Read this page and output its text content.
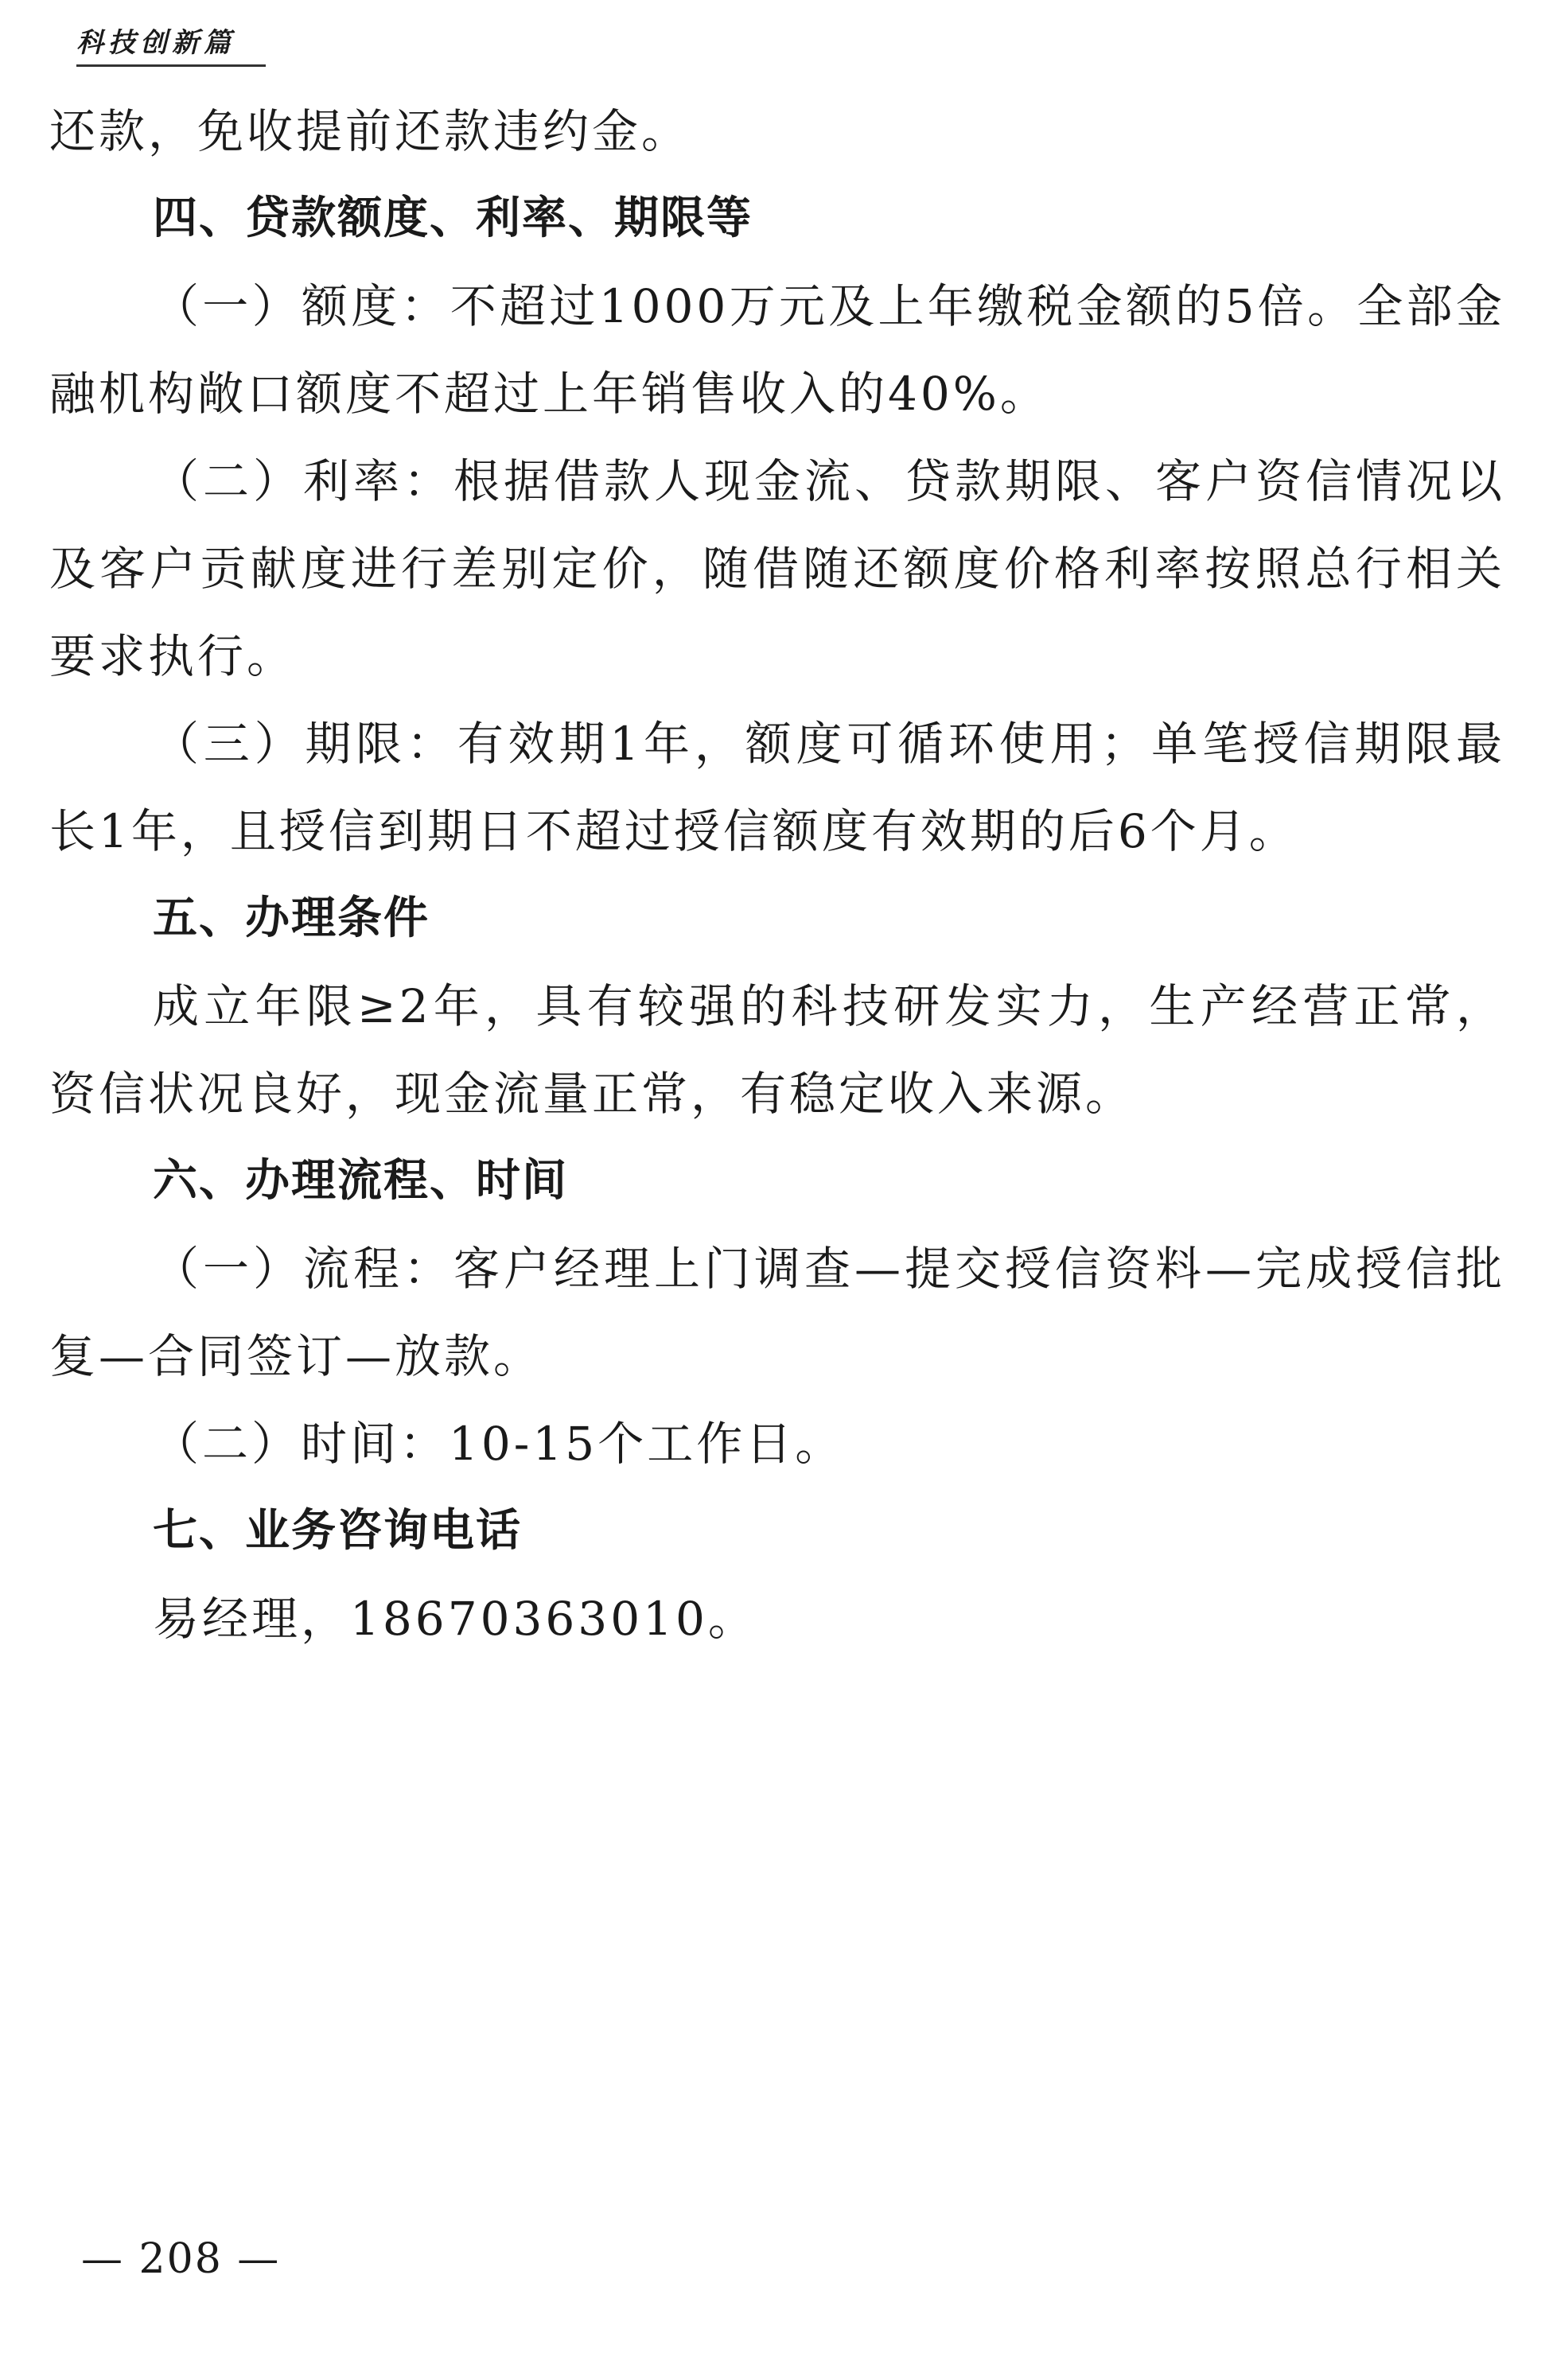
科技创新篇

还款，免收提前还款违约金。

四、贷款额度、利率、期限等

（一）额度：不超过1000万元及上年缴税金额的5倍。全部金融机构敞口额度不超过上年销售收入的40%。

（二）利率：根据借款人现金流、贷款期限、客户资信情况以及客户贡献度进行差别定价，随借随还额度价格利率按照总行相关要求执行。

（三）期限：有效期1年，额度可循环使用；单笔授信期限最长1年，且授信到期日不超过授信额度有效期的后6个月。

五、办理条件

成立年限≥2年，具有较强的科技研发实力，生产经营正常，资信状况良好，现金流量正常，有稳定收入来源。

六、办理流程、时间

（一）流程：客户经理上门调查—提交授信资料—完成授信批复—合同签订—放款。

（二）时间：10-15个工作日。

七、业务咨询电话

易经理，18670363010。

— 208 —
